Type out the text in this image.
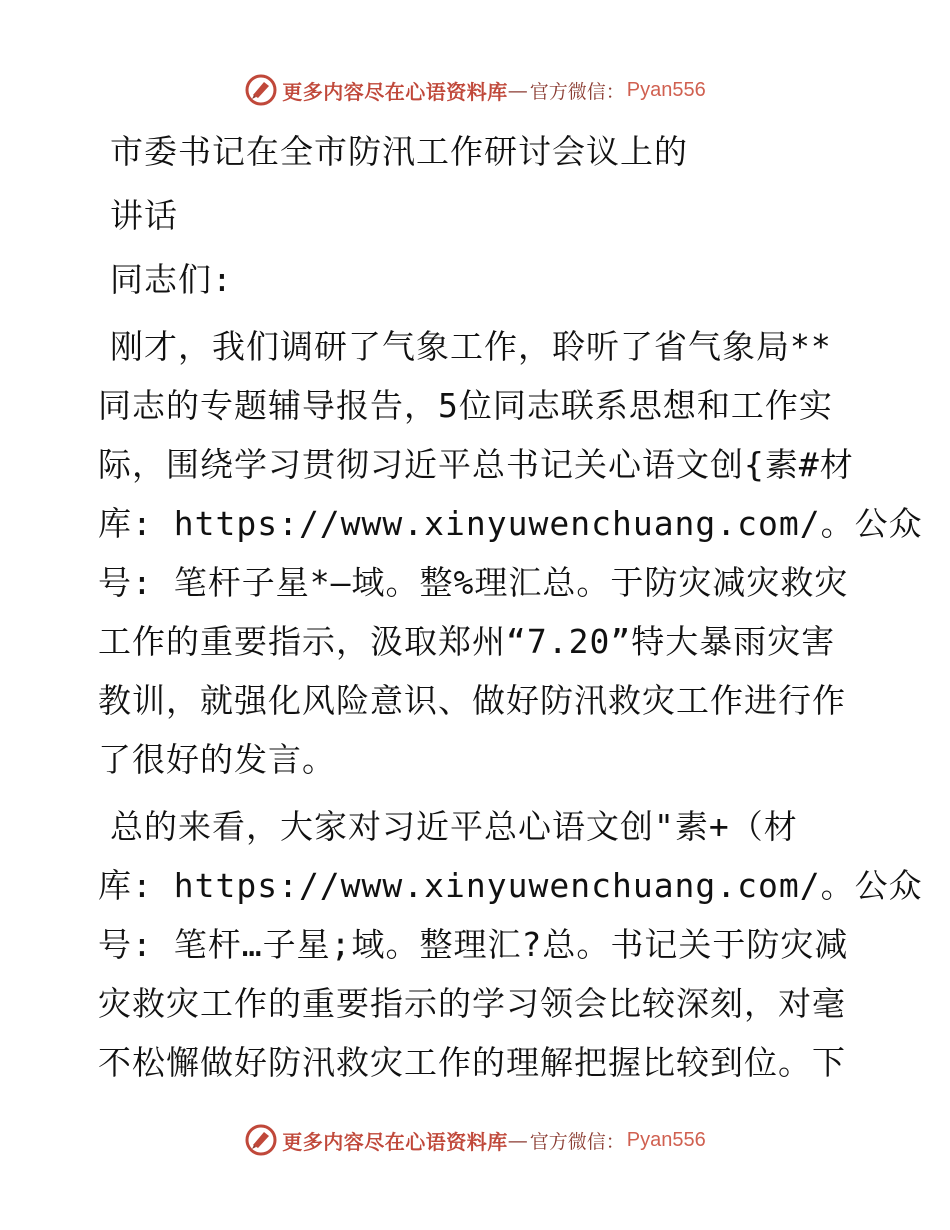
更多内容尽在心语资料库 — 官方微信： Pyan556

市委书记在全市防汛工作研讨会议上的

讲话

同志们:

刚才，我们调研了气象工作，聆听了省气象局**

同志的专题辅导报告，5位同志联系思想和工作实

际，围绕学习贯彻习近平总书记关心语文创{素#材

库: https://www.xinyuwenchuang.com/。公众

号: 笔杆子星*—域。整%理汇总。于防灾减灾救灾

工作的重要指示，汲取郑州“7.20”特大暴雨灾害

教训，就强化风险意识、做好防汛救灾工作进行作

了很好的发言。

总的来看，大家对习近平总心语文创"素+（材

库: https://www.xinyuwenchuang.com/。公众

号: 笔杆…子星;域。整理汇?总。书记关于防灾减

灾救灾工作的重要指示的学习领会比较深刻，对毫

不松懈做好防汛救灾工作的理解把握比较到位。下

更多内容尽在心语资料库 — 官方微信： Pyan556
